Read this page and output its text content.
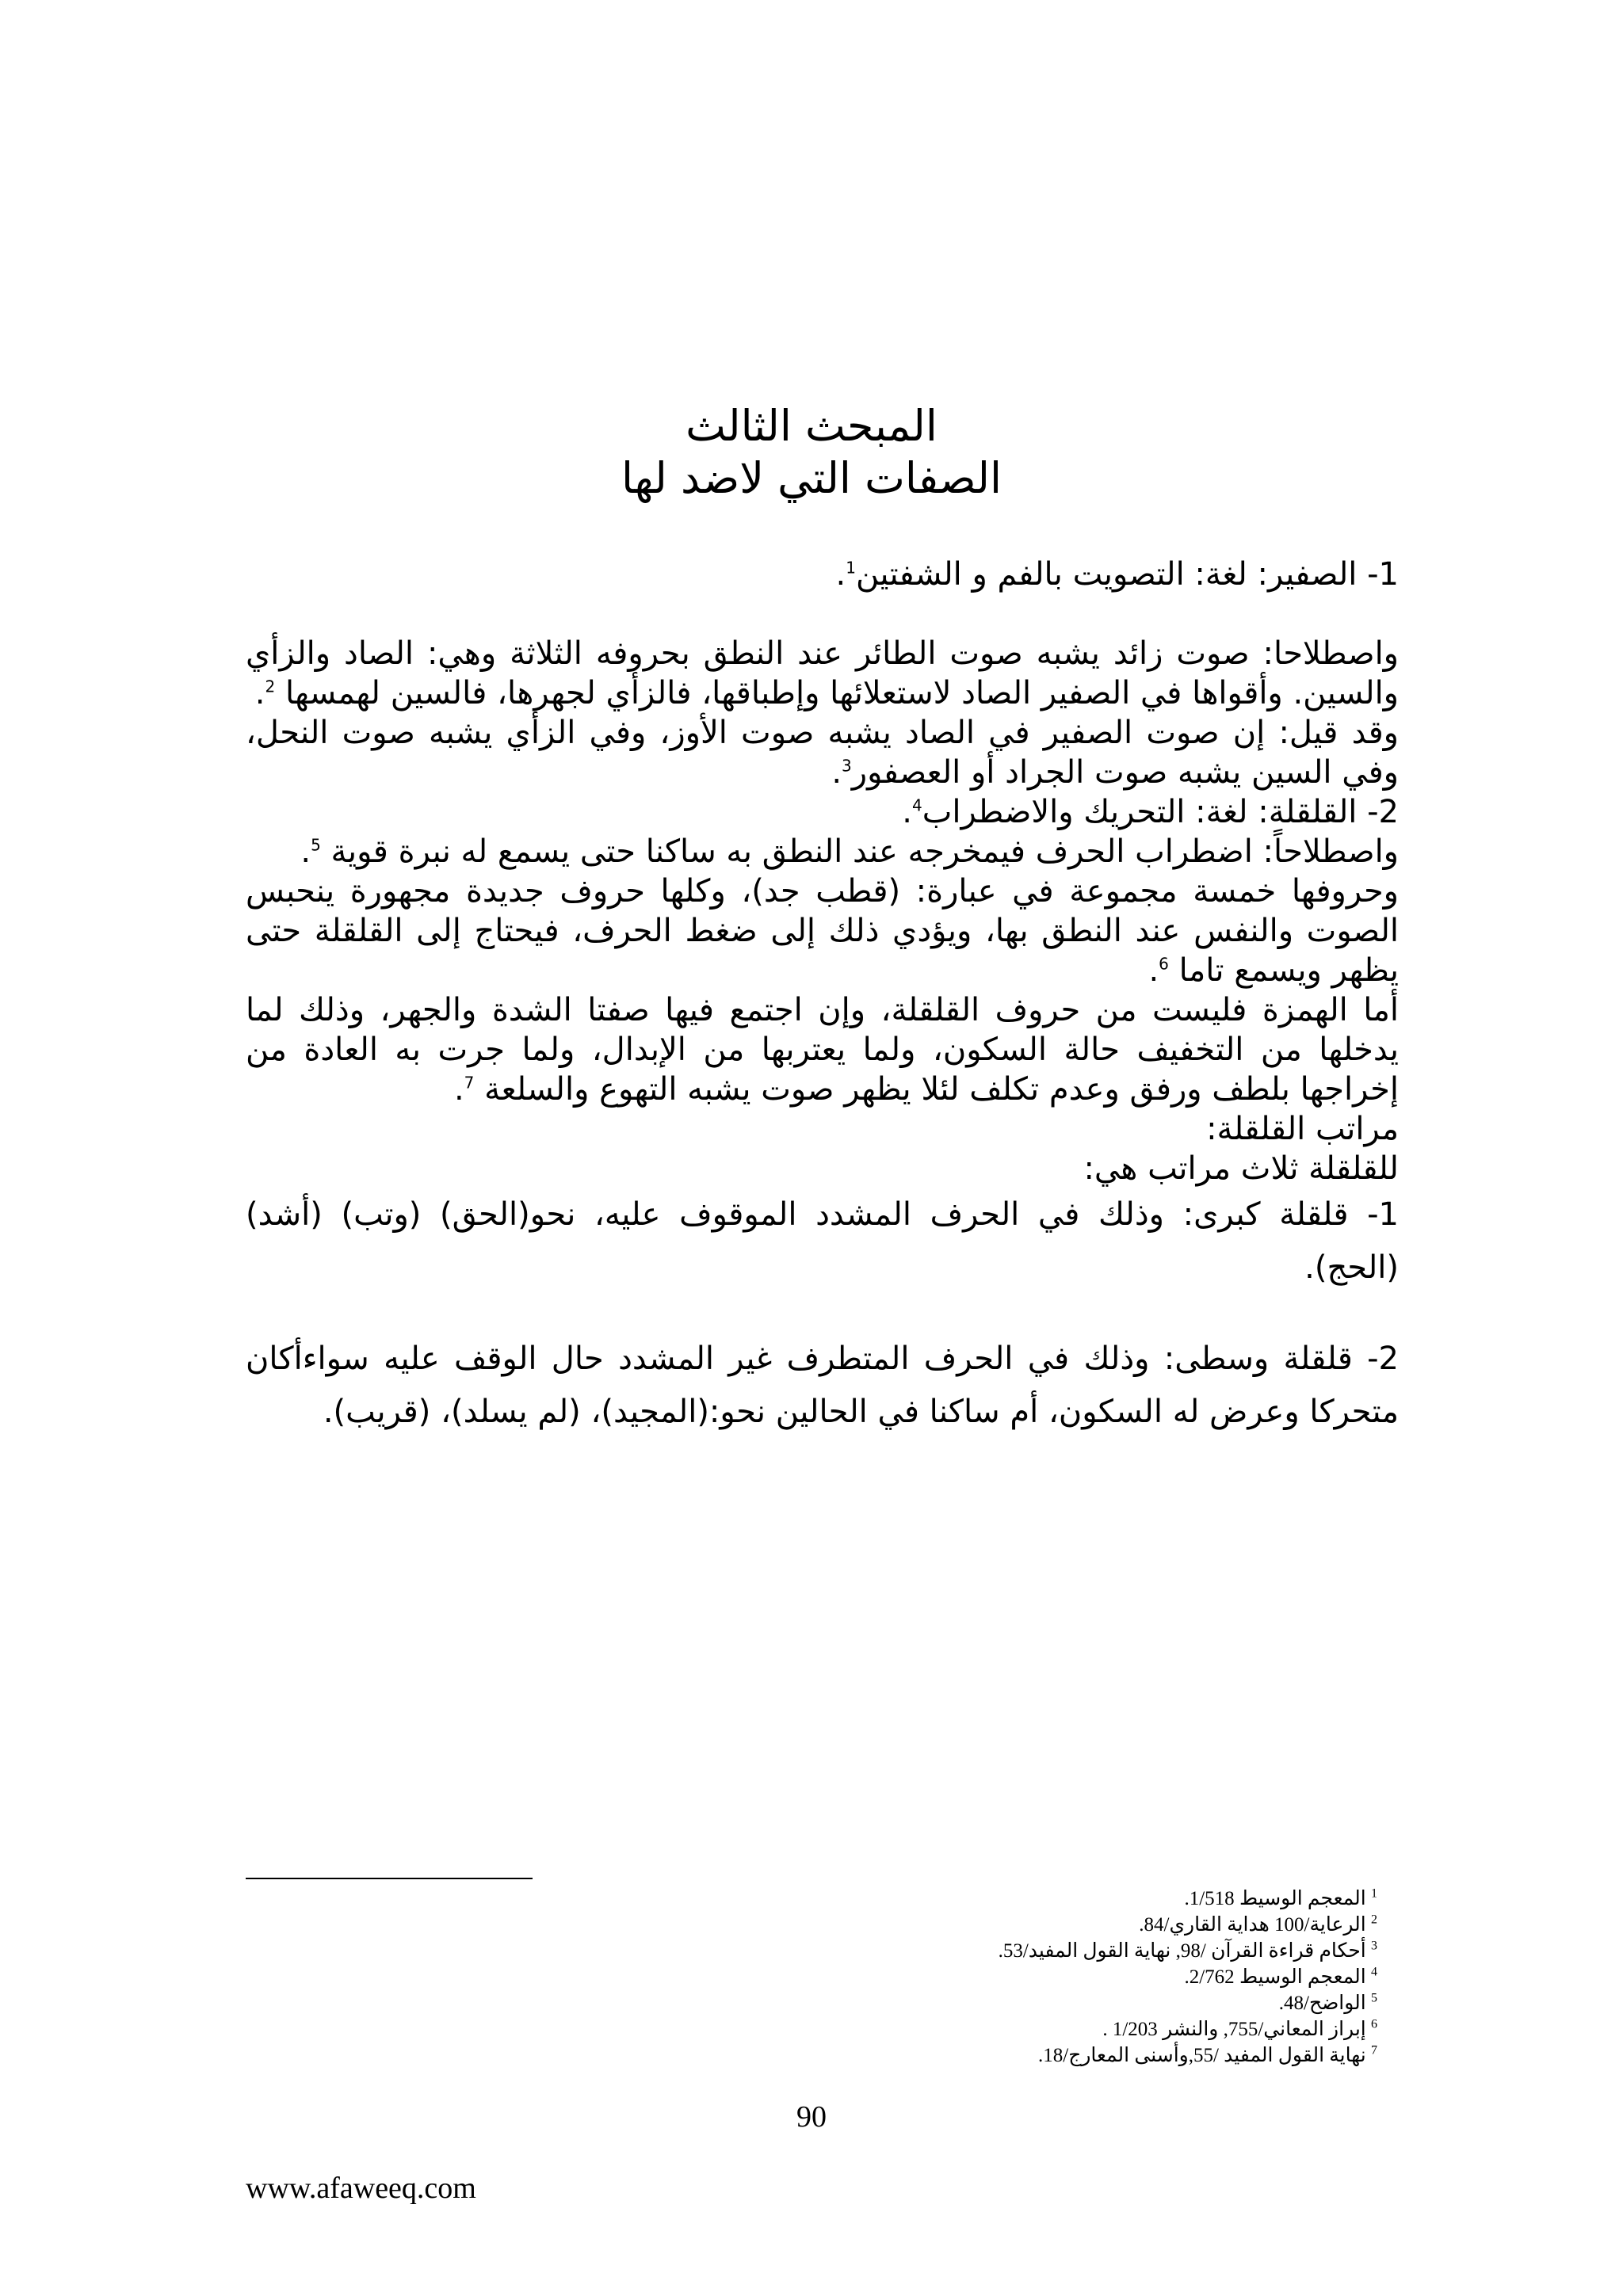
المبحث الثالث
الصفات التي لاضد لها

1- الصفير: لغة: التصويت بالفم و الشفتين$^1$.

واصطلاحا: صوت زائد يشبه صوت الطائر عند النطق بحروفه الثلاثة وهي: الصاد والزأي والسين. وأقواها في الصفير الصاد لاستعلائها وإطباقها، فالزأي لجهرها، فالسين لهمسها $^2$.

وقد قيل: إن صوت الصفير في الصاد يشبه صوت الأوز، وفي الزأي يشبه صوت النحل، وفي السين يشبه صوت الجراد أو العصفور$^3$.

2- القلقلة: لغة: التحريك والاضطراب$^4$.

واصطلاحاً: اضطراب الحرف فيمخرجه عند النطق به ساكنا حتى يسمع له نبرة قوية $^5$.

وحروفها خمسة مجموعة في عبارة: (قطب جد)، وكلها حروف جديدة مجهورة ينحبس الصوت والنفس عند النطق بها، ويؤدي ذلك إلى ضغط الحرف، فيحتاج إلى القلقلة حتى يظهر ويسمع تاما $^6$.

أما الهمزة فليست من حروف القلقلة، وإن اجتمع فيها صفتا الشدة والجهر، وذلك لما يدخلها من التخفيف حالة السكون، ولما يعتربها من الإبدال، ولما جرت به العادة من إخراجها بلطف ورفق وعدم تكلف لئلا يظهر صوت يشبه التهوع والسلعة $^7$.

مراتب القلقلة:

للقلقلة ثلاث مراتب هي:

1- قلقلة كبرى: وذلك في الحرف المشدد الموقوف عليه، نحو(الحق) (وتب) (أشد) (الحج).

2- قلقلة وسطى: وذلك في الحرف المتطرف غير المشدد حال الوقف عليه سواءأكان متحركا وعرض له السكون، أم ساكنا في الحالين نحو:(المجيد)، (لم يسلد)، (قريب).

$^1$ المعجم الوسيط 1/518.
$^2$ الرعاية/100 هداية القاري/84.
$^3$ أحكام قراءة القرآن /98, نهاية القول المفيد/53.
$^4$ المعجم الوسيط 2/762.
$^5$ الواضح/48.
$^6$ إبراز المعاني/755, والنشر 1/203 .
$^7$ نهاية القول المفيد /55,وأسنى المعارج/18.
90
www.afaweeq.com
